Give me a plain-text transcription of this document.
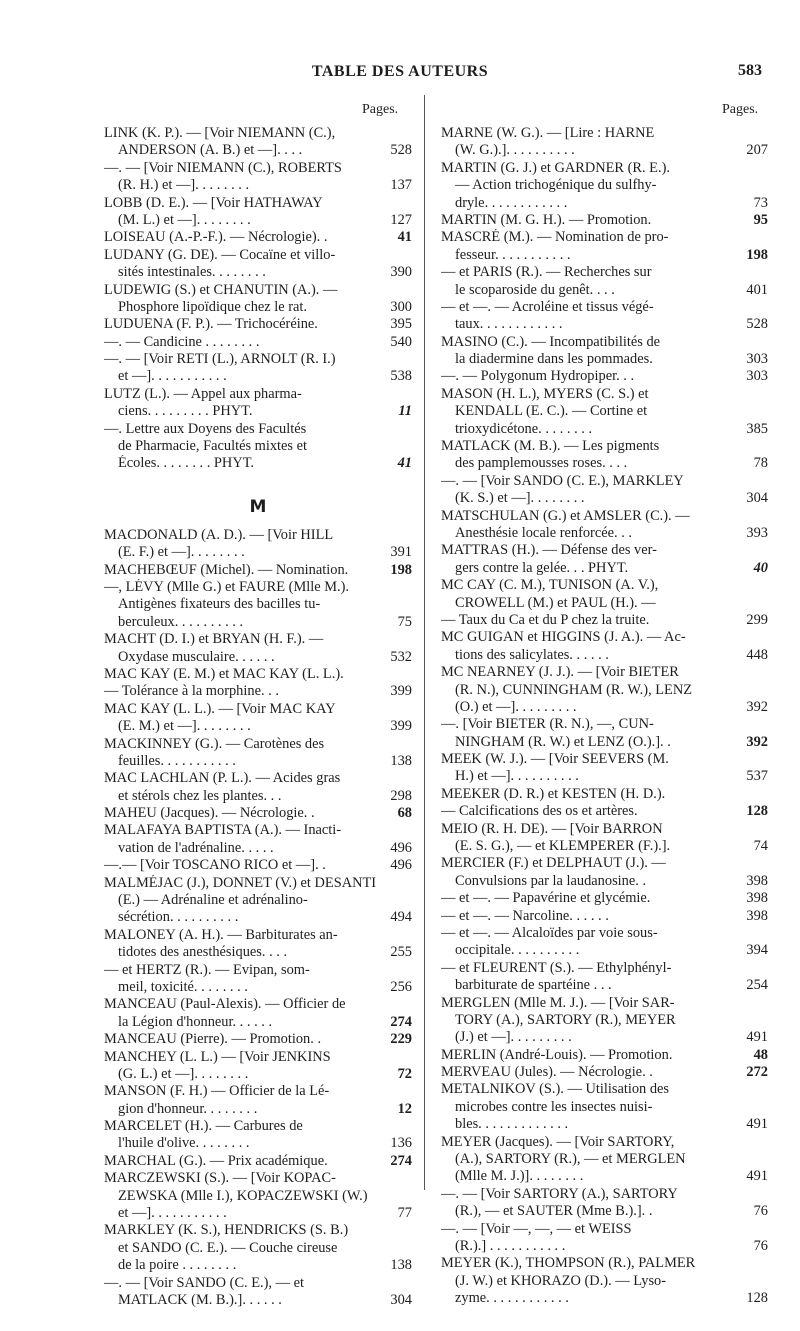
TABLE DES AUTEURS	583
Pages.	Pages.
LINK (K. P.). — [Voir NIEMANN (C.),
ANDERSON (A. B.) et —]. . . .	528
—. — [Voir NIEMANN (C.), ROBERTS
(R. H.) et —]. . . . . . . .	137
LOBB (D. E.). — [Voir HATHAWAY
(M. L.) et —]. . . . . . . .	127
LOISEAU (A.-P.-F.). — Nécrologie). .	41
LUDANY (G. DE). — Cocaïne et villo-
sités intestinales. . . . . . . .	390
LUDEWIG (S.) et CHANUTIN (A.). —
Phosphore lipoïdique chez le rat.	300
LUDUENA (F. P.). — Trichocéréine.	395
—. — Candicine . . . . . . . .	540
—. — [Voir RETI (L.), ARNOLT (R. I.)
et —]. . . . . . . . . . .	538
LUTZ (L.). — Appel aux pharma-
ciens. . . . . . . . . PHYT.	11
—. Lettre aux Doyens des Facultés
de Pharmacie, Facultés mixtes et
Écoles. . . . . . . . PHYT.	41
M
MACDONALD (A. D.). — [Voir HILL
(E. F.) et —]. . . . . . . .	391
MACHEBŒUF (Michel). — Nomination.	198
—, LÉVY (Mlle G.) et FAURE (Mlle M.).
Antigènes fixateurs des bacilles tu-
berculeux. . . . . . . . . .	75
MACHT (D. I.) et BRYAN (H. F.). —
Oxydase musculaire. . . . . .	532
MAC KAY (E. M.) et MAC KAY (L. L.).
— Tolérance à la morphine. . .	399
MAC KAY (L. L.). — [Voir MAC KAY
(E. M.) et —]. . . . . . . .	399
MACKINNEY (G.). — Carotènes des
feuilles. . . . . . . . . . .	138
MAC LACHLAN (P. L.). — Acides gras
et stérols chez les plantes. . .	298
MAHEU (Jacques). — Nécrologie. .	68
MALAFAYA BAPTISTA (A.). — Inacti-
vation de l'adrénaline. . . . .	496
—.— [Voir TOSCANO RICO et —]. .	496
MALMÉJAC (J.), DONNET (V.) et DESANTI
(E.) — Adrénaline et adrénalino-
sécrétion. . . . . . . . . .	494
MALONEY (A. H.). — Barbiturates an-
tidotes des anesthésiques. . . .	255
— et HERTZ (R.). — Evipan, som-
meil, toxicité. . . . . . . .	256
MANCEAU (Paul-Alexis). — Officier de
la Légion d'honneur. . . . . .	274
MANCEAU (Pierre). — Promotion. .	229
MANCHEY (L. L.) — [Voir JENKINS
(G. L.) et —]. . . . . . . .	72
MANSON (F. H.) — Officier de la Lé-
gion d'honneur. . . . . . . .	12
MARCELET (H.). — Carbures de
l'huile d'olive. . . . . . . .	136
MARCHAL (G.). — Prix académique.	274
MARCZEWSKI (S.). — [Voir KOPAC-
ZEWSKA (Mlle I.), KOPACZEWSKI (W.)
et —]. . . . . . . . . . .	77
MARKLEY (K. S.), HENDRICKS (S. B.)
et SANDO (C. E.). — Couche cireuse
de la poire . . . . . . . .	138
—. — [Voir SANDO (C. E.), — et
MATLACK (M. B.).]. . . . . .	304
MARNE (W. G.). — [Lire : HARNE
(W. G.).]. . . . . . . . . .	207
MARTIN (G. J.) et GARDNER (R. E.).
— Action trichogénique du sulfhy-
dryle. . . . . . . . . . . .	73
MARTIN (M. G. H.). — Promotion.	95
MASCRÉ (M.). — Nomination de pro-
fesseur. . . . . . . . . . .	198
— et PARIS (R.). — Recherches sur
le scoparoside du genêt. . . .	401
— et —. — Acroléine et tissus végé-
taux. . . . . . . . . . . .	528
MASINO (C.). — Incompatibilités de
la diadermine dans les pommades.	303
—. — Polygonum Hydropiper. . .	303
MASON (H. L.), MYERS (C. S.) et
KENDALL (E. C.). — Cortine et
trioxydicétone. . . . . . . .	385
MATLACK (M. B.). — Les pigments
des pamplemousses roses. . . .	78
—. — [Voir SANDO (C. E.), MARKLEY
(K. S.) et —]. . . . . . . .	304
MATSCHULAN (G.) et AMSLER (C.). —
Anesthésie locale renforcée. . .	393
MATTRAS (H.). — Défense des ver-
gers contre la gelée. . . PHYT.	40
MC CAY (C. M.), TUNISON (A. V.),
CROWELL (M.) et PAUL (H.). —
— Taux du Ca et du P chez la truite.	299
MC GUIGAN et HIGGINS (J. A.). — Ac-
tions des salicylates. . . . . .	448
MC NEARNEY (J. J.). — [Voir BIETER
(R. N.), CUNNINGHAM (R. W.), LENZ
(O.) et —]. . . . . . . . .	392
—. [Voir BIETER (R. N.), —, CUN-
NINGHAM (R. W.) et LENZ (O.).]. .	392
MEEK (W. J.). — [Voir SEEVERS (M.
H.) et —]. . . . . . . . . .	537
MEEKER (D. R.) et KESTEN (H. D.).
— Calcifications des os et artères.	128
MEIO (R. H. DE). — [Voir BARRON
(E. S. G.), — et KLEMPERER (F.).].	74
MERCIER (F.) et DELPHAUT (J.). —
Convulsions par la laudanosine. .	398
— et —. — Papavérine et glycémie.	398
— et —. — Narcoline. . . . . .	398
— et —. — Alcaloïdes par voie sous-
occipitale. . . . . . . . . .	394
— et FLEURENT (S.). — Ethylphényl-
barbiturate de spartéine . . .	254
MERGLEN (Mlle M. J.). — [Voir SAR-
TORY (A.), SARTORY (R.), MEYER
(J.) et —]. . . . . . . . .	491
MERLIN (André-Louis). — Promotion.	48
MERVEAU (Jules). — Nécrologie. .	272
METALNIKOV (S.). — Utilisation des
microbes contre les insectes nuisi-
bles. . . . . . . . . . . . .	491
MEYER (Jacques). — [Voir SARTORY,
(A.), SARTORY (R.), — et MERGLEN
(Mlle M. J.)]. . . . . . . .	491
—. — [Voir SARTORY (A.), SARTORY
(R.), — et SAUTER (Mme B.).]. .	76
—. — [Voir —, —, — et WEISS
(R.).] . . . . . . . . . . .	76
MEYER (K.), THOMPSON (R.), PALMER
(J. W.) et KHORAZO (D.). — Lyso-
zyme. . . . . . . . . . . .	128
